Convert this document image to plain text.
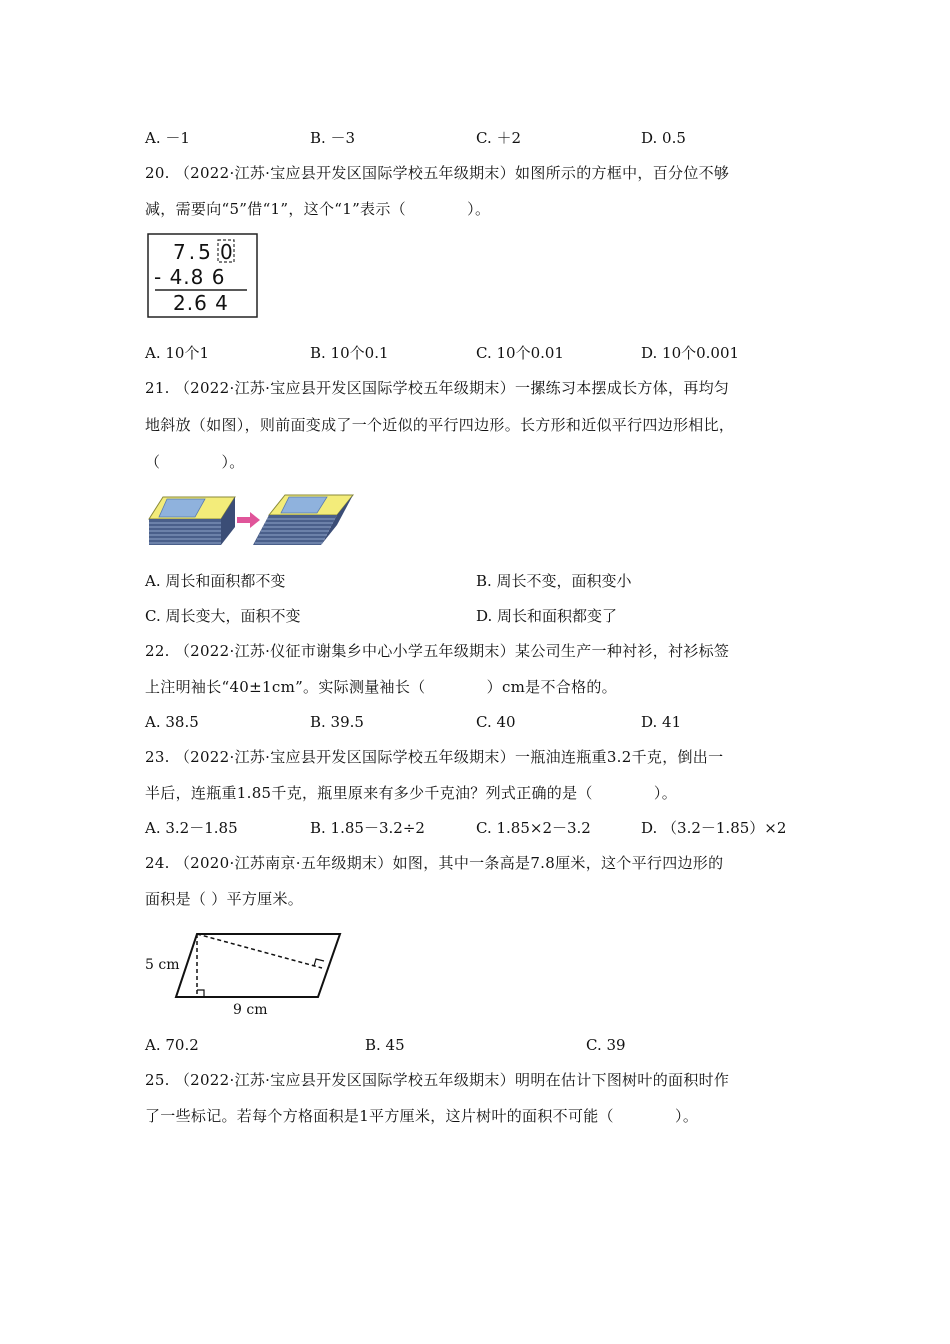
A. －1	B. －3	C. ＋2	D. 0.5
20. （2022·江苏·宝应县开发区国际学校五年级期末）如图所示的方框中，百分位不够
减，需要向“5”借“1”，这个“1”表示（　　　　）。
7.5 0
- 4.8 6
2.6 4
A. 10个1	B. 10个0.1	C. 10个0.01	D. 10个0.001
21. （2022·江苏·宝应县开发区国际学校五年级期末）一摞练习本摆成长方体，再均匀
地斜放（如图），则前面变成了一个近似的平行四边形。长方形和近似平行四边形相比，
（　　　　）。
A. 周长和面积都不变	B. 周长不变，面积变小
C. 周长变大，面积不变	D. 周长和面积都变了
22. （2022·江苏·仪征市谢集乡中心小学五年级期末）某公司生产一种衬衫，衬衫标签
上注明袖长“40±1cm”。实际测量袖长（　　　　）cm是不合格的。
A. 38.5	B. 39.5	C. 40	D. 41
23. （2022·江苏·宝应县开发区国际学校五年级期末）一瓶油连瓶重3.2千克，倒出一
半后，连瓶重1.85千克，瓶里原来有多少千克油？列式正确的是（　　　　）。
A. 3.2－1.85	B. 1.85－3.2÷2	C. 1.85×2－3.2	D. （3.2－1.85）×2
24. （2020·江苏南京·五年级期末）如图，其中一条高是7.8厘米，这个平行四边形的
面积是（ ）平方厘米。
5 cm
9 cm
A. 70.2	B. 45	C. 39
25. （2022·江苏·宝应县开发区国际学校五年级期末）明明在估计下图树叶的面积时作
了一些标记。若每个方格面积是1平方厘米，这片树叶的面积不可能（　　　　）。
